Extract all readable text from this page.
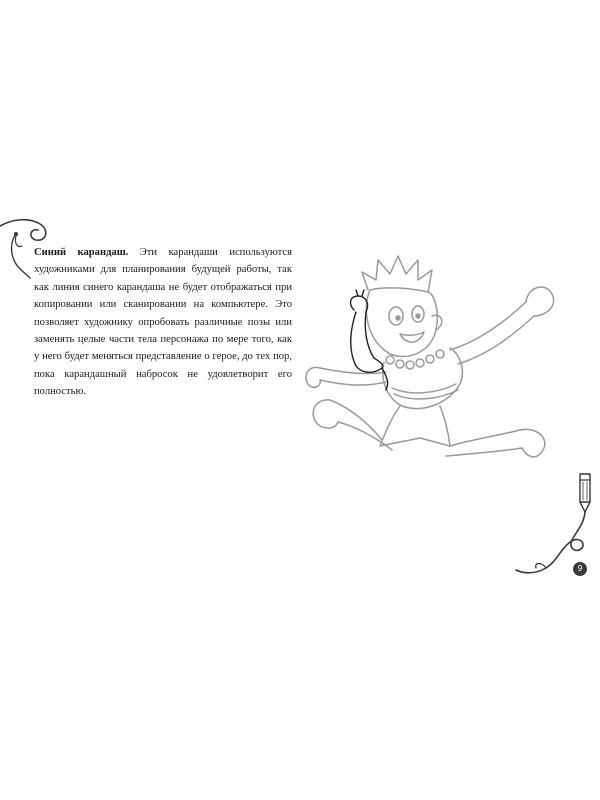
Синий карандаш. Эти карандаши используются художниками для планирования будущей работы, так как линия синего карандаша не будет отображаться при копировании или сканировании на компьютере. Это позволяет художнику опробовать различные позы или заменять целые части тела персонажа по мере того, как у него будет меняться представление о герое, до тех пор, пока карандашный набросок не удовлетворит его полностью.

9
